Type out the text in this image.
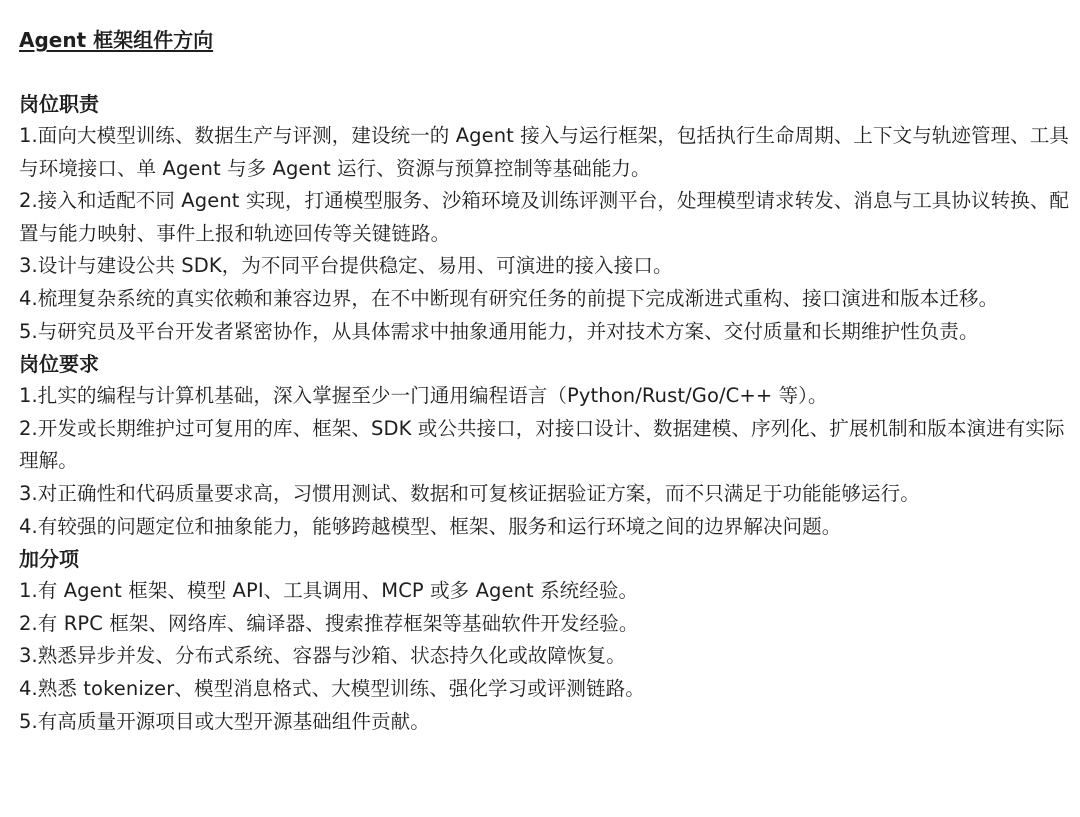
Agent 框架组件方向

岗位职责

1.面向大模型训练、数据生产与评测，建设统一的 Agent 接入与运行框架，包括执行生命周期、上下文与轨迹管理、工具与环境接口、单 Agent 与多 Agent 运行、资源与预算控制等基础能力。

2.接入和适配不同 Agent 实现，打通模型服务、沙箱环境及训练评测平台，处理模型请求转发、消息与工具协议转换、配置与能力映射、事件上报和轨迹回传等关键链路。

3.设计与建设公共 SDK，为不同平台提供稳定、易用、可演进的接入接口。

4.梳理复杂系统的真实依赖和兼容边界，在不中断现有研究任务的前提下完成渐进式重构、接口演进和版本迁移。

5.与研究员及平台开发者紧密协作，从具体需求中抽象通用能力，并对技术方案、交付质量和长期维护性负责。

岗位要求

1.扎实的编程与计算机基础，深入掌握至少一门通用编程语言（Python/Rust/Go/C++ 等）。

2.开发或长期维护过可复用的库、框架、SDK 或公共接口，对接口设计、数据建模、序列化、扩展机制和版本演进有实际理解。

3.对正确性和代码质量要求高，习惯用测试、数据和可复核证据验证方案，而不只满足于功能能够运行。

4.有较强的问题定位和抽象能力，能够跨越模型、框架、服务和运行环境之间的边界解决问题。

加分项

1.有 Agent 框架、模型 API、工具调用、MCP 或多 Agent 系统经验。

2.有 RPC 框架、网络库、编译器、搜索推荐框架等基础软件开发经验。

3.熟悉异步并发、分布式系统、容器与沙箱、状态持久化或故障恢复。

4.熟悉 tokenizer、模型消息格式、大模型训练、强化学习或评测链路。

5.有高质量开源项目或大型开源基础组件贡献。
